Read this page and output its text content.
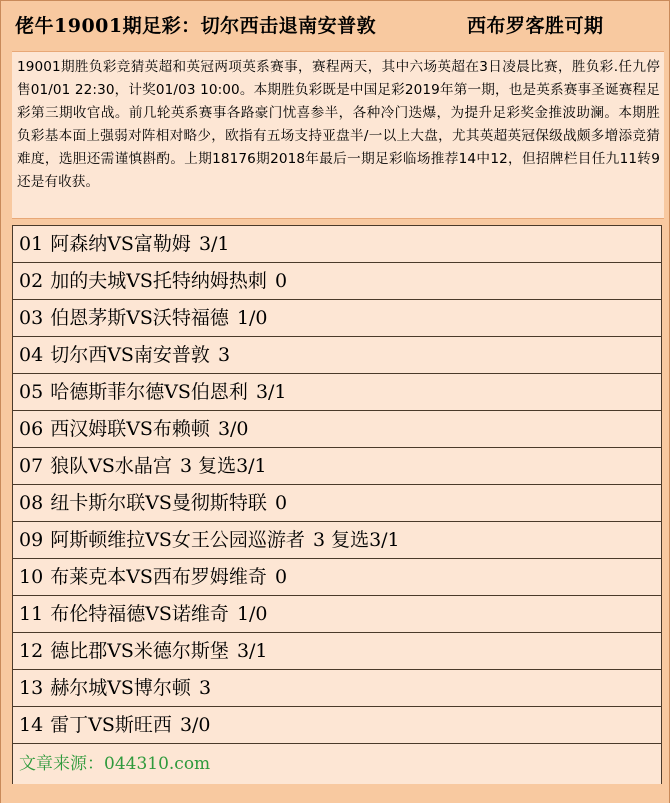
佬牛19001期足彩：切尔西击退南安普敦	西布罗客胜可期
19001期胜负彩竞猜英超和英冠两项英系赛事，赛程两天，其中六场英超在3日凌晨比赛，胜负彩.任九停售01/01 22:30，计奖01/03 10:00。本期胜负彩既是中国足彩2019年第一期，也是英系赛事圣诞赛程足彩第三期收官战。前几轮英系赛事各路豪门忧喜参半，各种冷门迭爆，为提升足彩奖金推波助澜。本期胜负彩基本面上强弱对阵相对略少，欧指有五场支持亚盘半/一以上大盘，尤其英超英冠保级战颇多增添竞猜难度，选胆还需谨慎斟酌。上期18176期2018年最后一期足彩临场推荐14中12，但招牌栏目任九11转9还是有收获。
01 阿森纳VS富勒姆 3/1
02 加的夫城VS托特纳姆热刺 0
03 伯恩茅斯VS沃特福德 1/0
04 切尔西VS南安普敦 3
05 哈德斯菲尔德VS伯恩利 3/1
06 西汉姆联VS布赖顿 3/0
07 狼队VS水晶宫 3 复选3/1
08 纽卡斯尔联VS曼彻斯特联 0
09 阿斯顿维拉VS女王公园巡游者 3 复选3/1
10 布莱克本VS西布罗姆维奇 0
11 布伦特福德VS诺维奇 1/0
12 德比郡VS米德尔斯堡 3/1
13 赫尔城VS博尔顿 3
14 雷丁VS斯旺西 3/0
文章来源：044310.com
